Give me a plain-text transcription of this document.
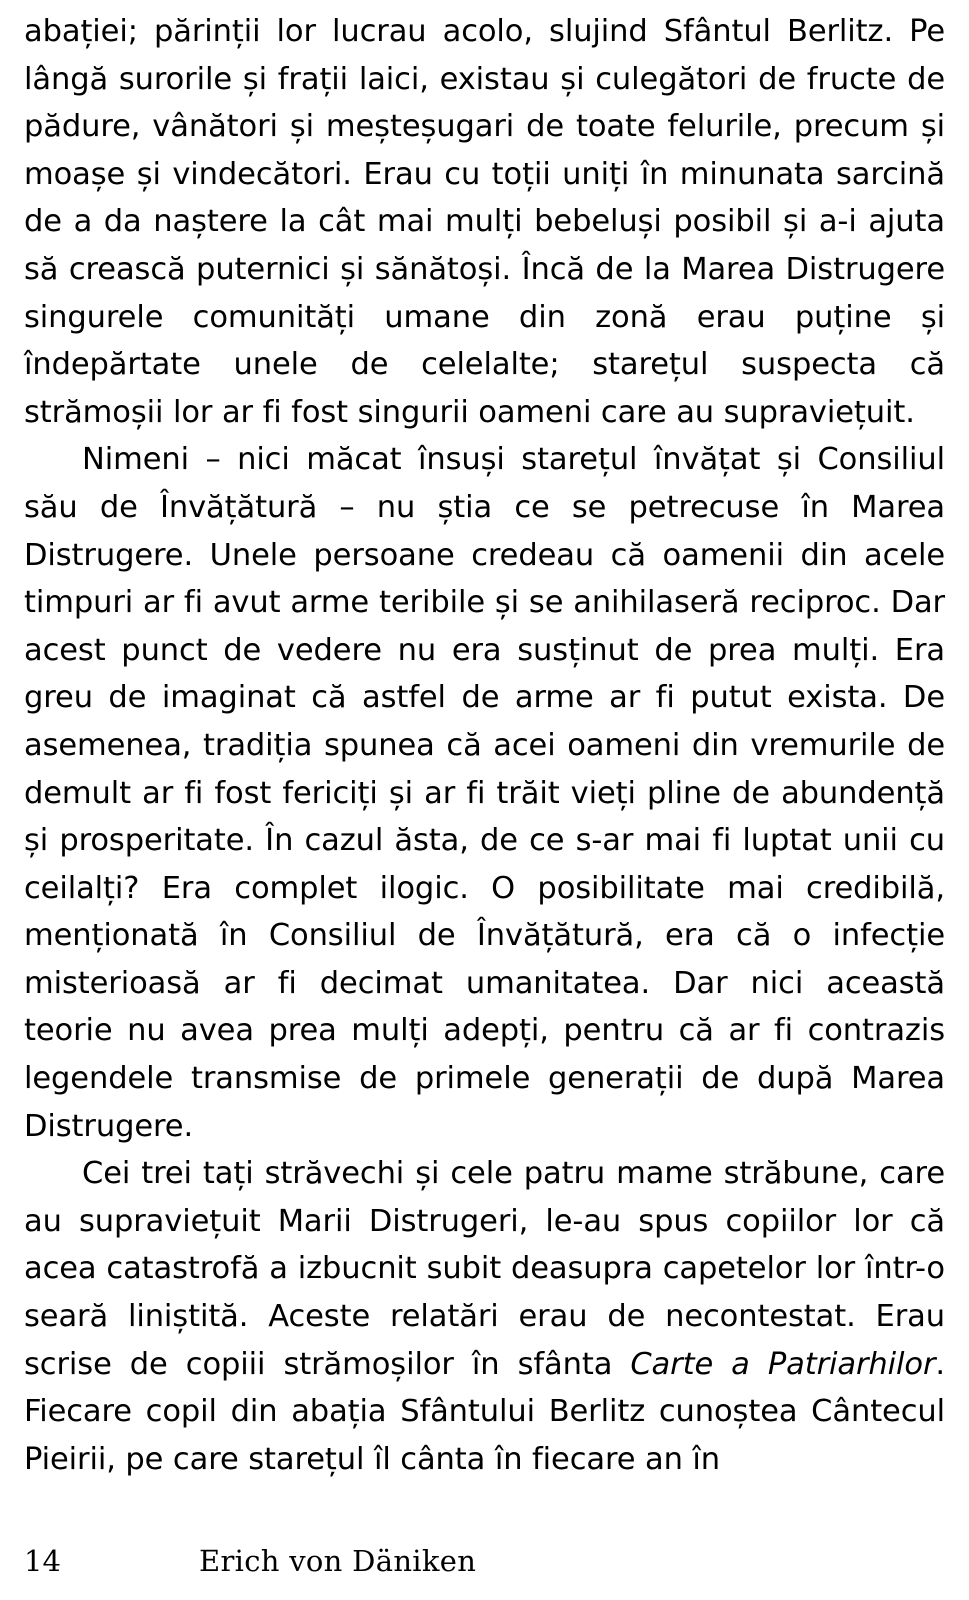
abației; părinții lor lucrau acolo, slujind Sfântul Berlitz. Pe lângă surorile și frații laici, existau și culegători de fructe de pădure, vânători și meșteșugari de toate felurile, precum și moașe și vindecători. Erau cu toții uniți în minunata sarcină de a da naștere la cât mai mulți bebeluși posibil și a-i ajuta să crească puternici și sănătoși. Încă de la Marea Distrugere singurele comunități umane din zonă erau puține și îndepărtate unele de celelalte; starețul suspecta că strămoșii lor ar fi fost singurii oameni care au supraviețuit.

Nimeni – nici măcat însuși starețul învățat și Consiliul său de Învățătură – nu știa ce se petrecuse în Marea Distrugere. Unele persoane credeau că oamenii din acele timpuri ar fi avut arme teribile și se anihilaseră reciproc. Dar acest punct de vedere nu era susținut de prea mulți. Era greu de imaginat că astfel de arme ar fi putut exista. De asemenea, tradiția spunea că acei oameni din vremurile de demult ar fi fost fericiți și ar fi trăit vieți pline de abundență și prosperitate. În cazul ăsta, de ce s-ar mai fi luptat unii cu ceilalți? Era complet ilogic. O posibilitate mai credibilă, menționată în Consiliul de Învățătură, era că o infecție misterioasă ar fi decimat umanitatea. Dar nici această teorie nu avea prea mulți adepți, pentru că ar fi contrazis legendele transmise de primele generații de după Marea Distrugere.

Cei trei tați străvechi și cele patru mame străbune, care au supraviețuit Marii Distrugeri, le-au spus copiilor lor că acea catastrofă a izbucnit subit deasupra capetelor lor într-o seară liniștită. Aceste relatări erau de necontestat. Erau scrise de copiii strămoșilor în sfânta Carte a Patriarhilor. Fiecare copil din abația Sfântului Berlitz cunoștea Cântecul Pieirii, pe care starețul îl cânta în fiecare an în

14	Erich von Däniken
